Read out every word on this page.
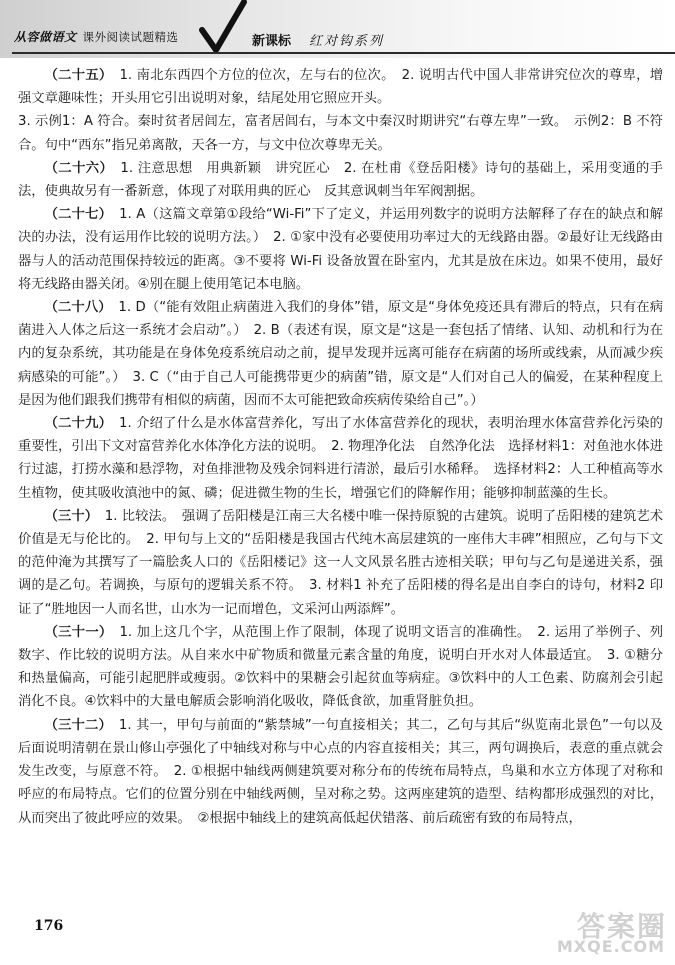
从容做语文 课外阅读试题精选	新课标 红对钩系列

（二十五）　1. 南北东西四个方位的位次，左与右的位次。　2. 说明古代中国人非常讲究位次的尊卑，增强文章趣味性；开头用它引出说明对象，结尾处用它照应开头。

3. 示例1：A 符合。秦时贫者居闾左，富者居闾右，与本文中秦汉时期讲究“右尊左卑”一致。　示例2：B 不符合。句中“西东”指兄弟离散，天各一方，与文中位次尊卑无关。

（二十六）　1. 注意思想　用典新颖　讲究匠心　2. 在杜甫《登岳阳楼》诗句的基础上，采用变通的手法，使典故另有一番新意，体现了对联用典的匠心　反其意讽刺当年军阀割据。

（二十七）　1. A（这篇文章第①段给“Wi-Fi”下了定义，并运用列数字的说明方法解释了存在的缺点和解决的办法，没有运用作比较的说明方法。）　2. ①家中没有必要使用功率过大的无线路由器。②最好让无线路由器与人的活动范围保持较远的距离。③不要将 Wi-Fi 设备放置在卧室内，尤其是放在床边。如果不使用，最好将无线路由器关闭。④别在腿上使用笔记本电脑。

（二十八）　1. D（“能有效阻止病菌进入我们的身体”错，原文是“身体免疫还具有滞后的特点，只有在病菌进入人体之后这一系统才会启动”。）　2. B（表述有误，原文是“这是一套包括了情绪、认知、动机和行为在内的复杂系统，其功能是在身体免疫系统启动之前，提早发现并远离可能存在病菌的场所或线索，从而减少疾病感染的可能”。）　3. C（“由于自己人可能携带更少的病菌”错，原文是“人们对自己人的偏爱，在某种程度上是因为他们跟我们携带有相似的病菌，因而不太可能把致命疾病传染给自己”。）

（二十九）　1. 介绍了什么是水体富营养化，写出了水体富营养化的现状，表明治理水体富营养化污染的重要性，引出下文对富营养化水体净化方法的说明。　2. 物理净化法　自然净化法　选择材料1：对鱼池水体进行过滤，打捞水藻和悬浮物，对鱼排泄物及残余饲料进行清淤，最后引水稀释。　选择材料2：人工种植高等水生植物，使其吸收滇池中的氮、磷；促进微生物的生长，增强它们的降解作用；能够抑制蓝藻的生长。

（三十）　1. 比较法。　强调了岳阳楼是江南三大名楼中唯一保持原貌的古建筑。说明了岳阳楼的建筑艺术价值是无与伦比的。　2. 甲句与上文的“岳阳楼是我国古代纯木高层建筑的一座伟大丰碑”相照应，乙句与下文的范仲淹为其撰写了一篇脍炙人口的《岳阳楼记》这一人文风景名胜古迹相关联；甲句与乙句是递进关系，强调的是乙句。若调换，与原句的逻辑关系不符。　3. 材料1 补充了岳阳楼的得名是出自李白的诗句，材料2 印证了“胜地因一人而名世，山水为一记而增色，文采河山两添辉”。

（三十一）　1. 加上这几个字，从范围上作了限制，体现了说明文语言的准确性。　2. 运用了举例子、列数字、作比较的说明方法。从自来水中矿物质和微量元素含量的角度，说明白开水对人体最适宜。　3. ①糖分和热量偏高，可能引起肥胖或瘦弱。②饮料中的果糖会引起贫血等病症。③饮料中的人工色素、防腐剂会引起消化不良。④饮料中的大量电解质会影响消化吸收，降低食欲，加重肾脏负担。

（三十二）　1. 其一，甲句与前面的“紫禁城”一句直接相关；其二，乙句与其后“纵览南北景色”一句以及后面说明清朝在景山修山亭强化了中轴线对称与中心点的内容直接相关；其三，两句调换后，表意的重点就会发生改变，与原意不符。　2. ①根据中轴线两侧建筑要对称分布的传统布局特点，鸟巢和水立方体现了对称和呼应的布局特点。它们的位置分别在中轴线两侧，呈对称之势。这两座建筑的造型、结构都形成强烈的对比，从而突出了彼此呼应的效果。　②根据中轴线上的建筑高低起伏错落、前后疏密有致的布局特点，

176	答案圈
MXQE.COM
